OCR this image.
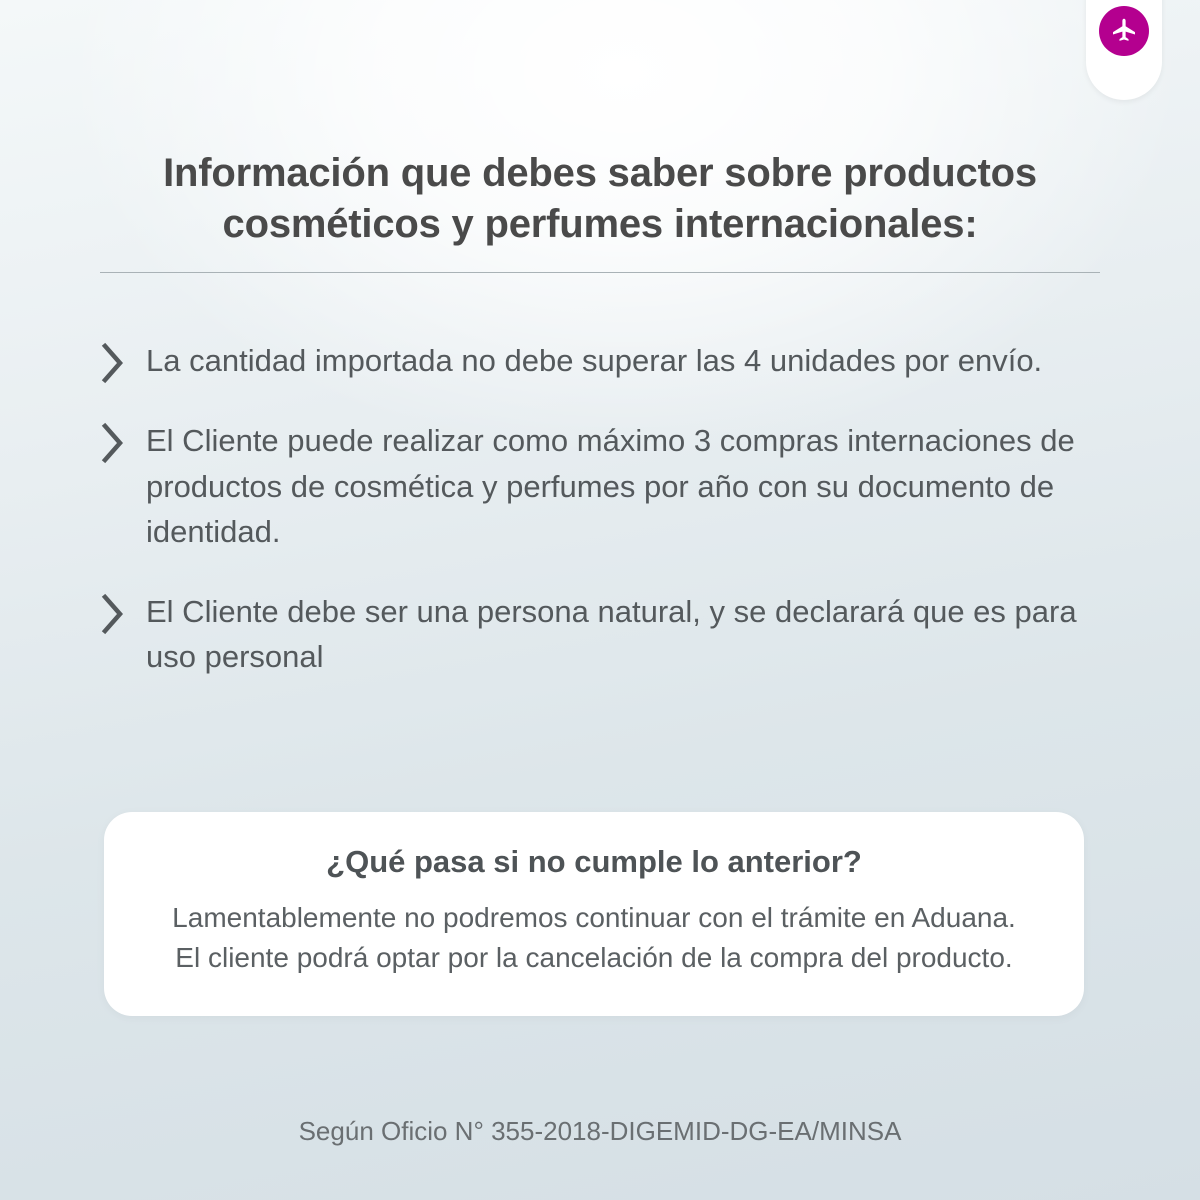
Información que debes saber sobre productos
cosméticos y perfumes internacionales:
La cantidad importada no debe superar las 4 unidades por envío.
El Cliente puede realizar como máximo 3 compras internaciones de productos de cosmética y perfumes por año con su documento de identidad.
El Cliente debe ser una persona natural, y se declarará que es para uso personal
¿Qué pasa si no cumple lo anterior?
Lamentablemente no podremos continuar con el trámite en Aduana. El cliente podrá optar por la cancelación de la compra del producto.
Según Oficio N° 355-2018-DIGEMID-DG-EA/MINSA
